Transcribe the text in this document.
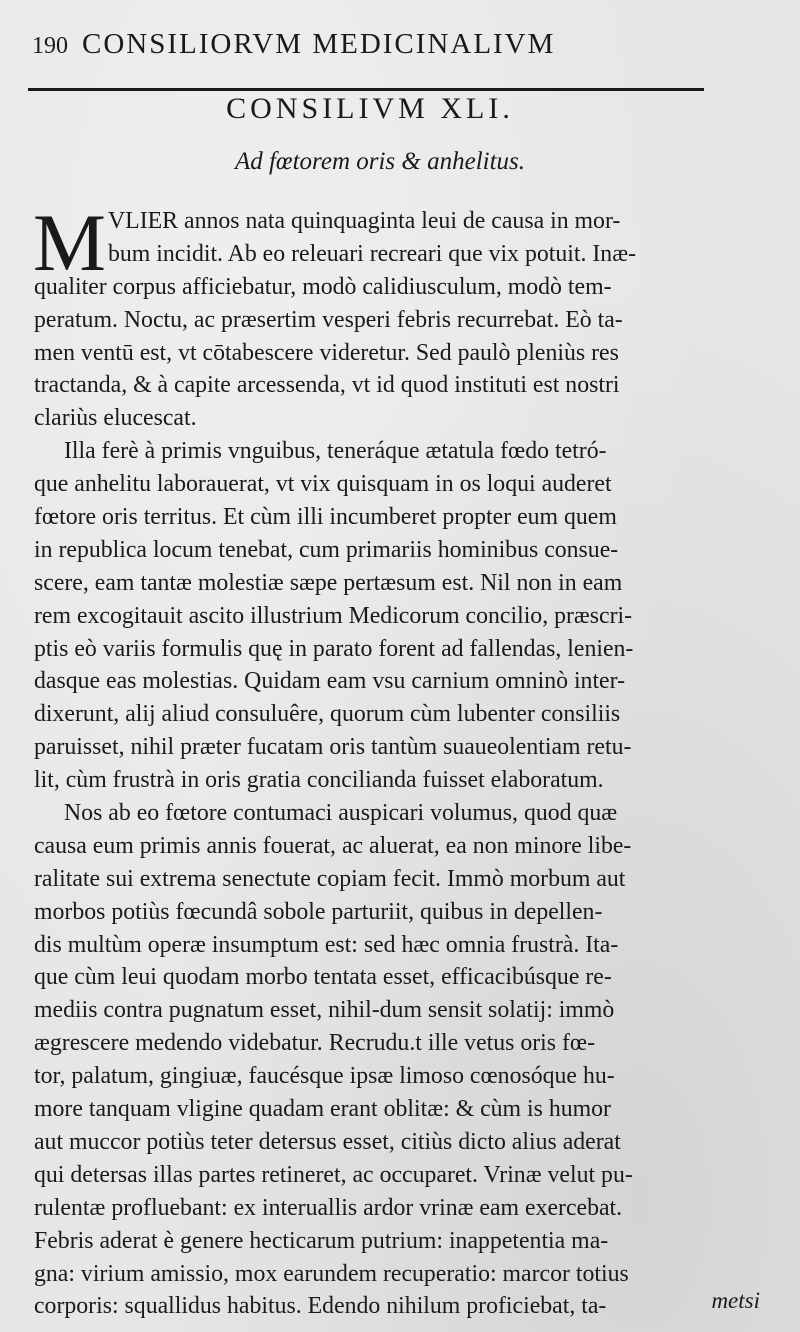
190 CONSILIORVM MEDICINALIVM
CONSILIVM XLI.
Ad fœtorem oris & anhelitus.
M VLIER annos nata quinquaginta leui de causa in mor-
bum incidit. Ab eo releuari recreari que vix potuit. Inæ-
qualiter corpus afficiebatur, modò calidiusculum, modò tem-
peratum. Noctu, ac præsertim vesperi febris recurrebat. Eò ta-
men ventū est, vt cōtabescere videretur. Sed paulò pleniùs res
tractanda, & à capite arcessenda, vt id quod instituti est nostri
clariùs elucescat.
Illa ferè à primis vnguibus, teneráque ætatula fœdo tetró-
que anhelitu laborauerat, vt vix quisquam in os loqui auderet
fœtore oris territus. Et cùm illi incumberet propter eum quem
in republica locum tenebat, cum primariis hominibus consue-
scere, eam tantæ molestiæ sæpe pertæsum est. Nil non in eam
rem excogitauit ascito illustrium Medicorum concilio, præscri-
ptis eò variis formulis quę in parato forent ad fallendas, lenien-
dasque eas molestias. Quidam eam vsu carnium omninò inter-
dixerunt, alij aliud consuluêre, quorum cùm lubenter consiliis
paruisset, nihil præter fucatam oris tantùm suaueolentiam retu-
lit, cùm frustrà in oris gratia concilianda fuisset elaboratum.
Nos ab eo fœtore contumaci auspicari volumus, quod quæ
causa eum primis annis fouerat, ac aluerat, ea non minore libe-
ralitate sui extrema senectute copiam fecit. Immò morbum aut
morbos potiùs fœcundâ sobole parturiit, quibus in depellen-
dis multùm operæ insumptum est: sed hæc omnia frustrà. Ita-
que cùm leui quodam morbo tentata esset, efficacibúsque re-
mediis contra pugnatum esset, nihil-dum sensit solatij: immò
ægrescere medendo videbatur. Recrudu.t ille vetus oris fœ-
tor, palatum, gingiuæ, faucésque ipsæ limoso cœnosóque hu-
more tanquam vligine quadam erant oblitæ: & cùm is humor
aut muccor potiùs teter detersus esset, citiùs dicto alius aderat
qui detersas illas partes retineret, ac occuparet. Vrinæ velut pu-
rulentæ profluebant: ex interuallis ardor vrinæ eam exercebat.
Febris aderat è genere hecticarum putrium: inappetentia ma-
gna: virium amissio, mox earundem recuperatio: marcor totius
corporis: squallidus habitus. Edendo nihilum proficiebat, ta-	metsi
